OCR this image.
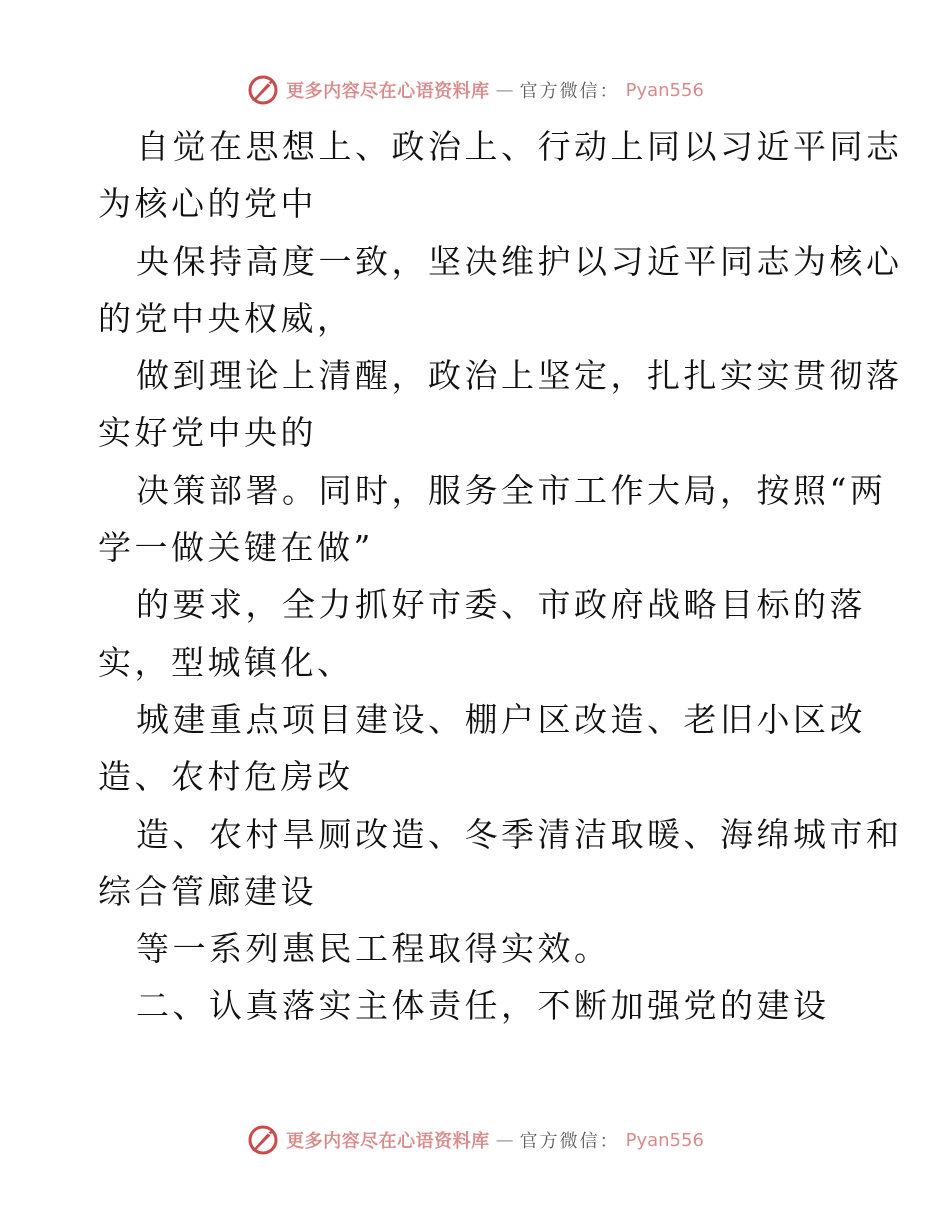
更多内容尽在心语资料库 — 官方微信： Pyan556
自觉在思想上、政治上、行动上同以习近平同志
为核心的党中
央保持高度一致，坚决维护以习近平同志为核心
的党中央权威，
做到理论上清醒，政治上坚定，扎扎实实贯彻落
实好党中央的
决策部署。同时，服务全市工作大局，按照“两
学一做关键在做”
的要求，全力抓好市委、市政府战略目标的落
实，型城镇化、
城建重点项目建设、棚户区改造、老旧小区改
造、农村危房改
造、农村旱厕改造、冬季清洁取暖、海绵城市和
综合管廊建设
等一系列惠民工程取得实效。
二、认真落实主体责任，不断加强党的建设
更多内容尽在心语资料库 — 官方微信： Pyan556
